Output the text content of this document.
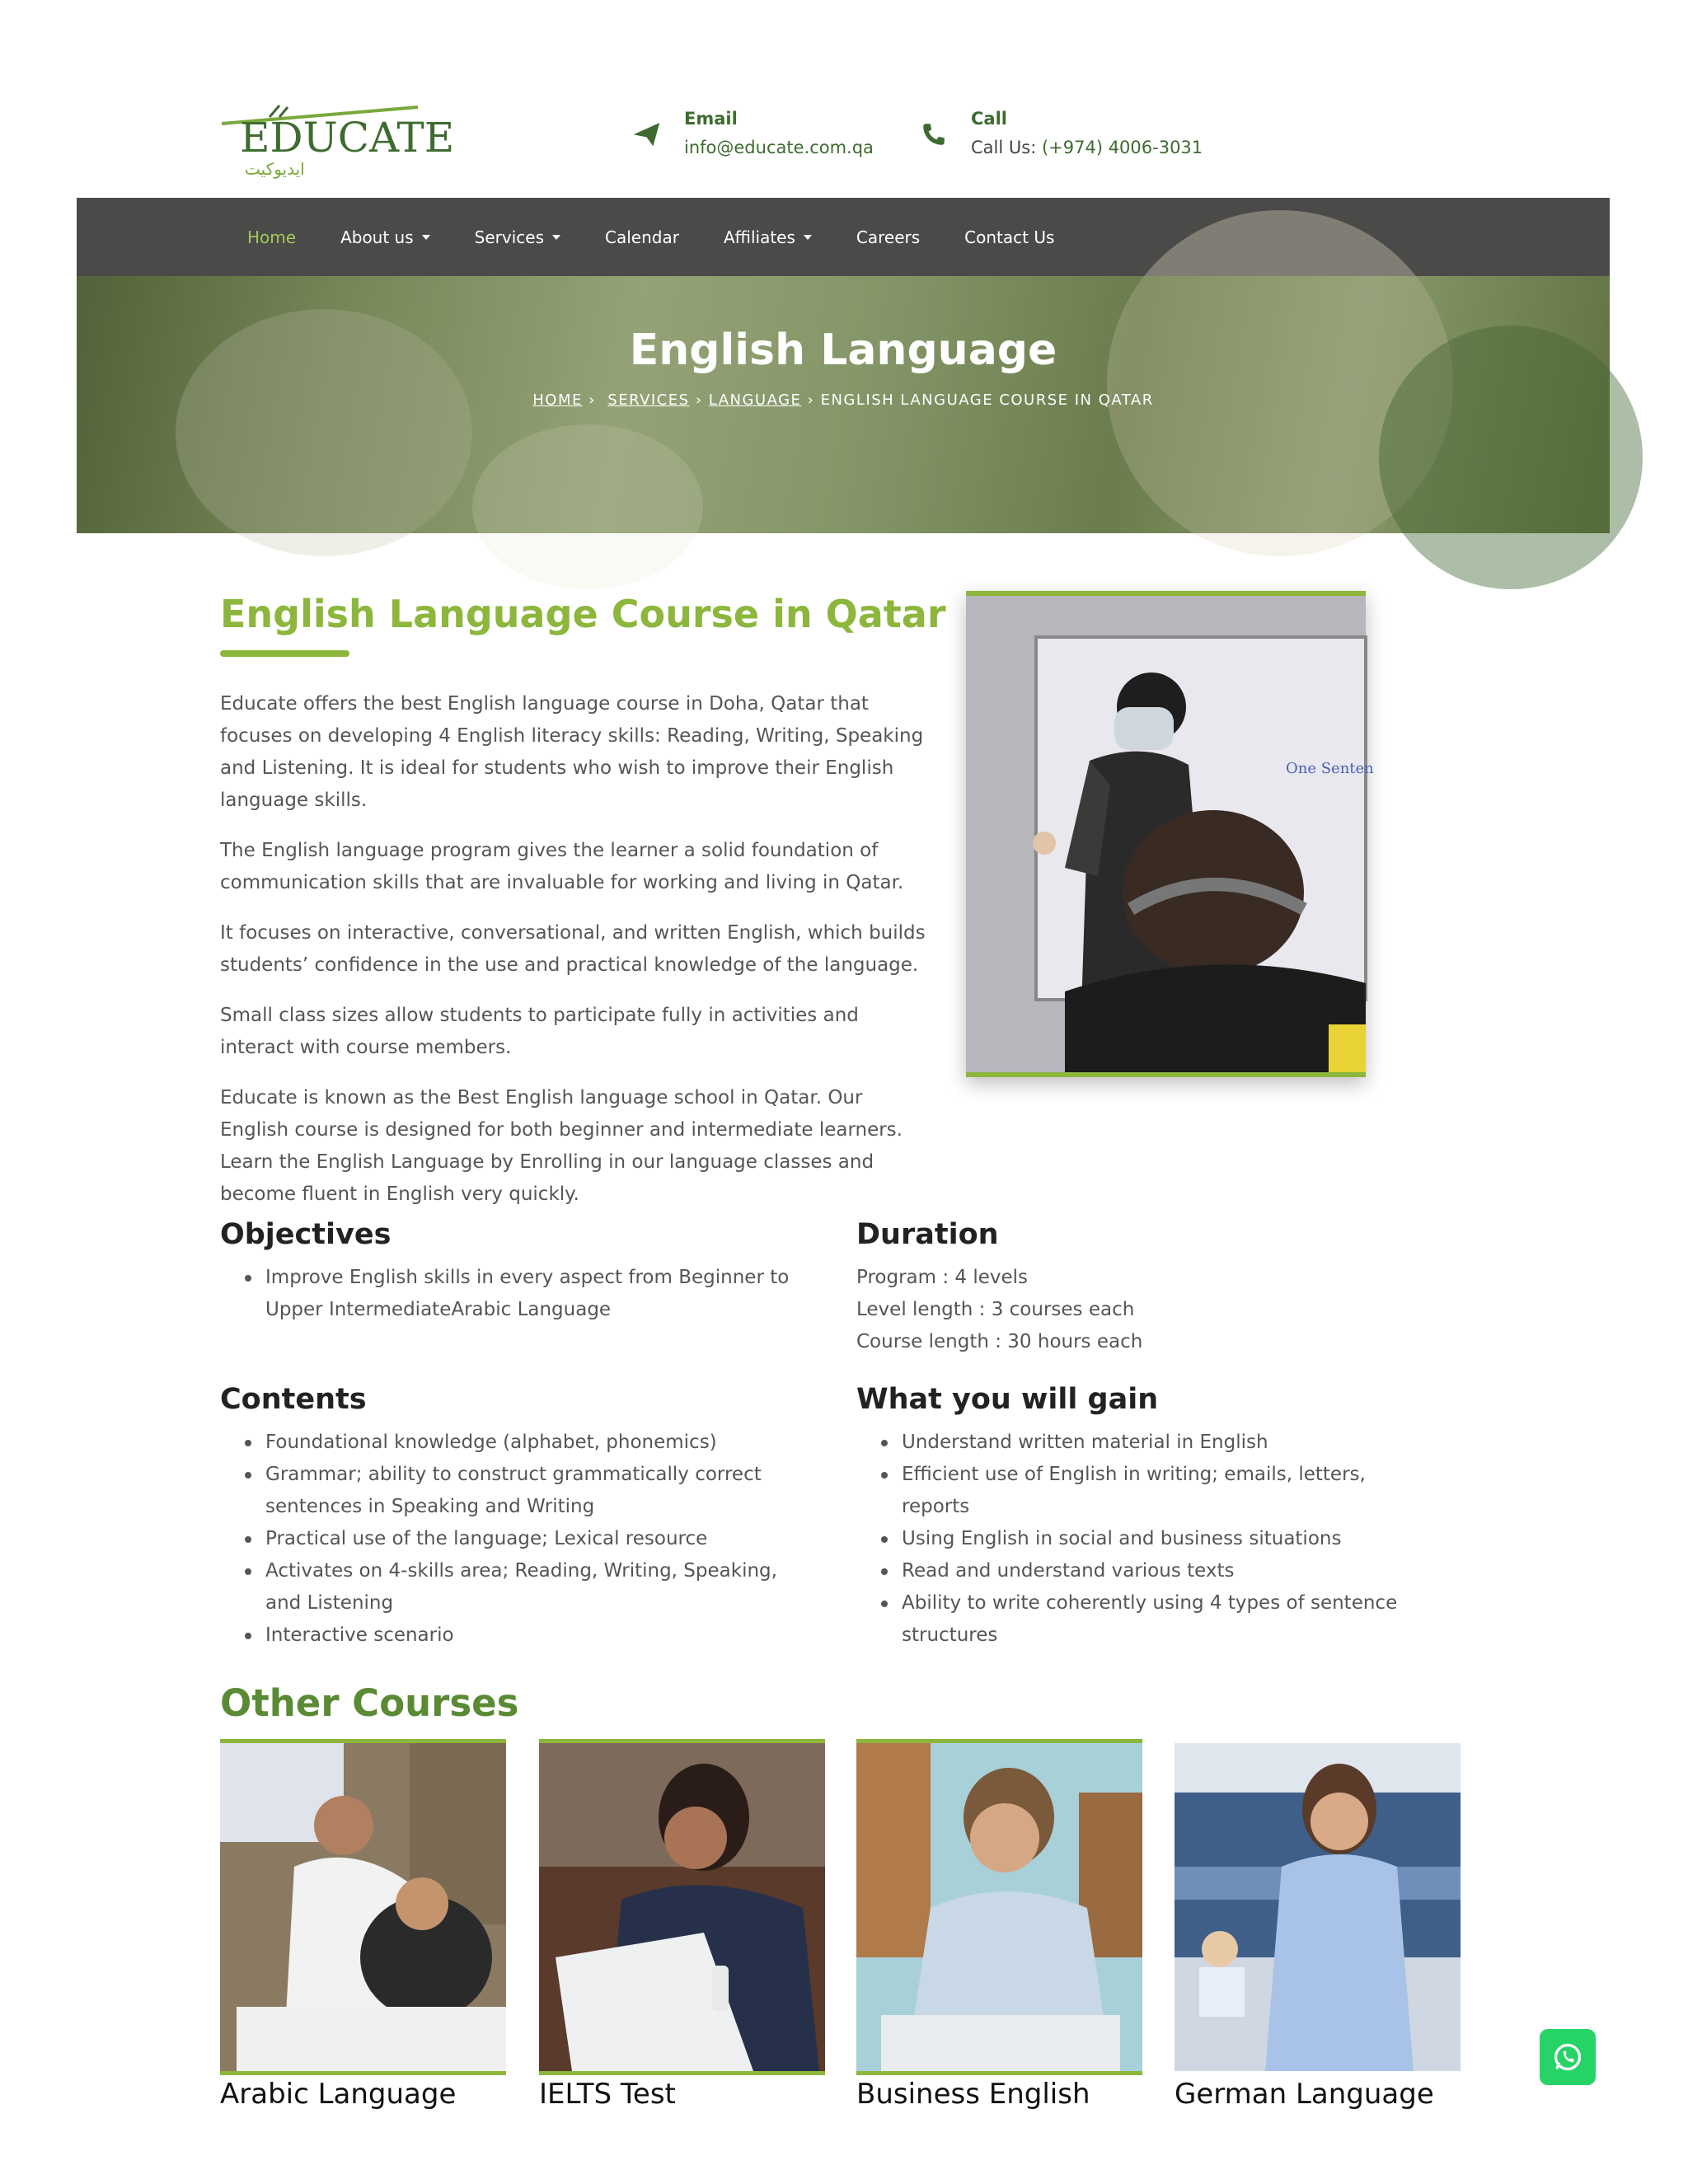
EDUCATE
ايديوكيت
Email
info@educate.com.qa
Call
Call Us: (+974) 4006-3031
Home	About us	Services	Calendar	Affiliates	Careers	Contact Us
English Language
HOME › SERVICES › LANGUAGE › ENGLISH LANGUAGE COURSE IN QATAR
English Language Course in Qatar

Educate offers the best English language course in Doha, Qatar that focuses on developing 4 English literacy skills: Reading, Writing, Speaking and Listening. It is ideal for students who wish to improve their English language skills.

The English language program gives the learner a solid foundation of communication skills that are invaluable for working and living in Qatar.

It focuses on interactive, conversational, and written English, which builds students’ confidence in the use and practical knowledge of the language.

Small class sizes allow students to participate fully in activities and interact with course members.

Educate is known as the Best English language school in Qatar. Our English course is designed for both beginner and intermediate learners. Learn the English Language by Enrolling in our language classes and become fluent in English very quickly.

One Senten
Objectives
Improve English skills in every aspect from Beginner to Upper IntermediateArabic Language
Duration
Program : 4 levels
Level length : 3 courses each
Course length : 30 hours each
Contents
Foundational knowledge (alphabet, phonemics)
Grammar; ability to construct grammatically correct sentences in Speaking and Writing
Practical use of the language; Lexical resource
Activates on 4-skills area; Reading, Writing, Speaking, and Listening
Interactive scenario
What you will gain
Understand written material in English
Efficient use of English in writing; emails, letters, reports
Using English in social and business situations
Read and understand various texts
Ability to write coherently using 4 types of sentence structures
Other Courses
Arabic Language	IELTS Test	Business English	German Language
